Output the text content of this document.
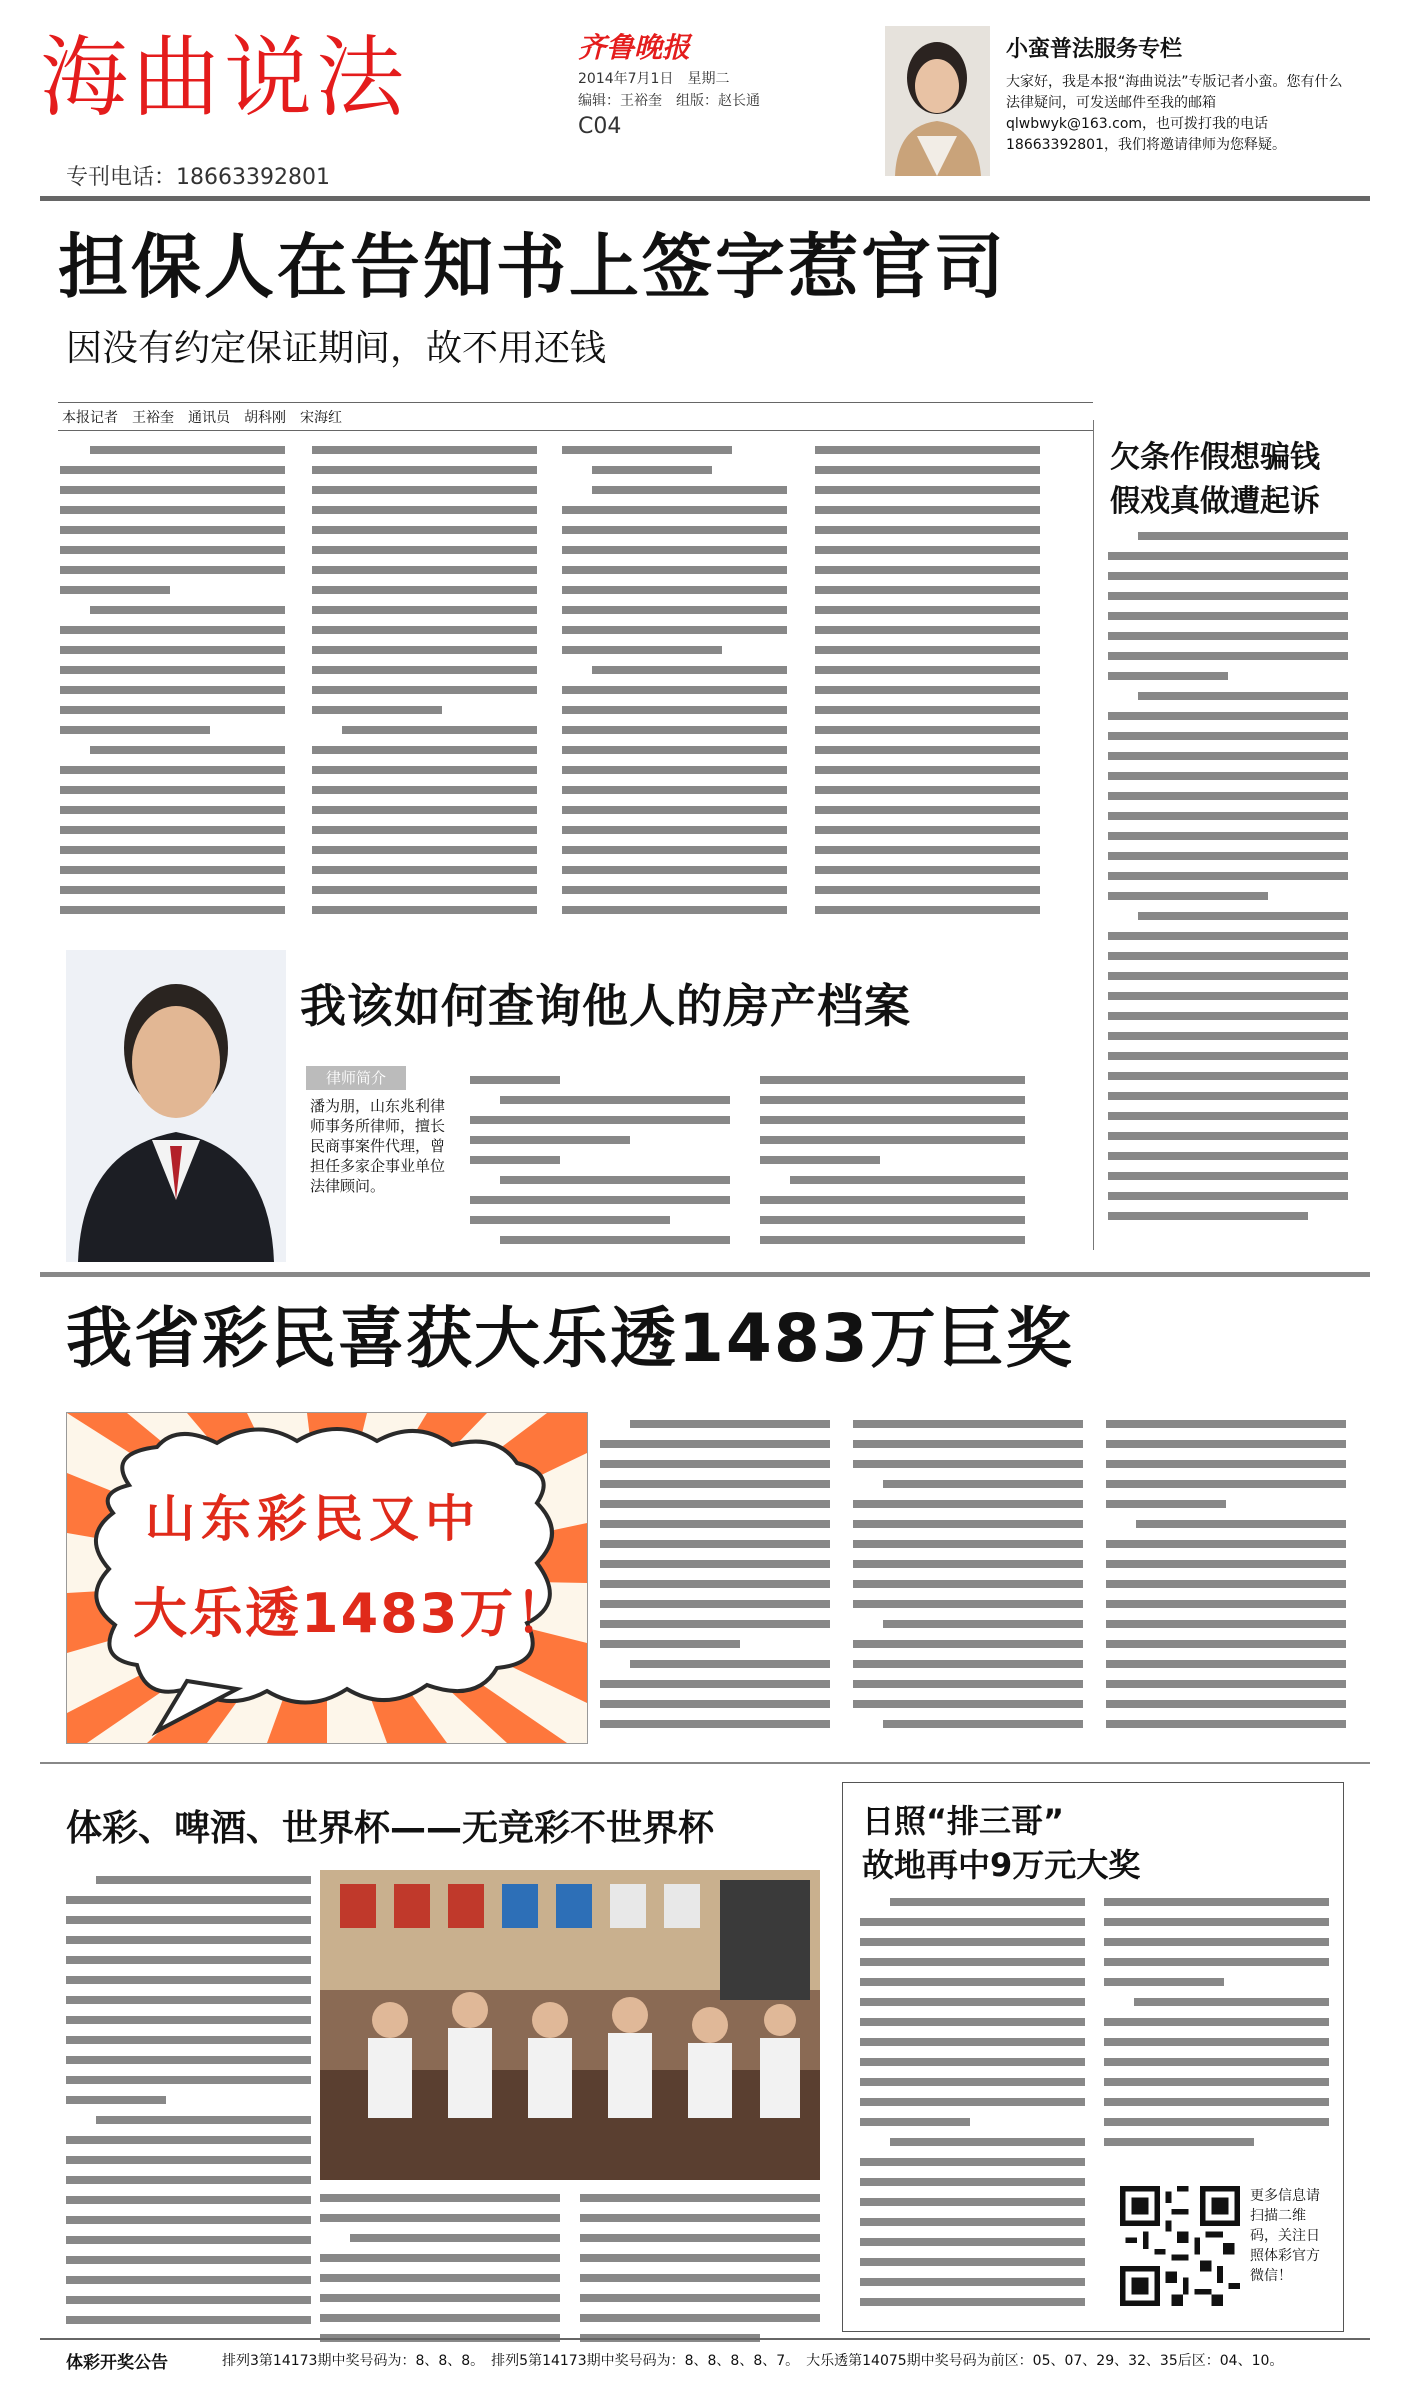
海曲说法	齐鲁晚报
2014年7月1日　星期二
编辑：王裕奎　组版：赵长通
C04
专刊电话：18663392801
小蛮普法服务专栏
大家好，我是本报“海曲说法”专版记者小蛮。您有什么法律疑问，可发送邮件至我的邮箱qlwbwyk@163.com，也可拨打我的电话18663392801，我们将邀请律师为您释疑。
担保人在告知书上签字惹官司
因没有约定保证期间，故不用还钱
本报记者　王裕奎　通讯员　胡科刚　宋海红
欠条作假想骗钱
假戏真做遭起诉
我该如何查询他人的房产档案
律师简介
潘为朋，山东兆利律师事务所律师，擅长民商事案件代理，曾担任多家企事业单位法律顾问。
我省彩民喜获大乐透1483万巨奖
山东彩民又中
大乐透1483万！
体彩、啤酒、世界杯——无竞彩不世界杯	日照“排三哥”
故地再中9万元大奖
更多信息请扫描二维码，关注日照体彩官方微信！
体彩开奖公告	排列3第14173期中奖号码为：8、8、8。　排列5第14173期中奖号码为：8、8、8、8、7。　大乐透第14075期中奖号码为前区：05、07、29、32、35后区：04、10。
